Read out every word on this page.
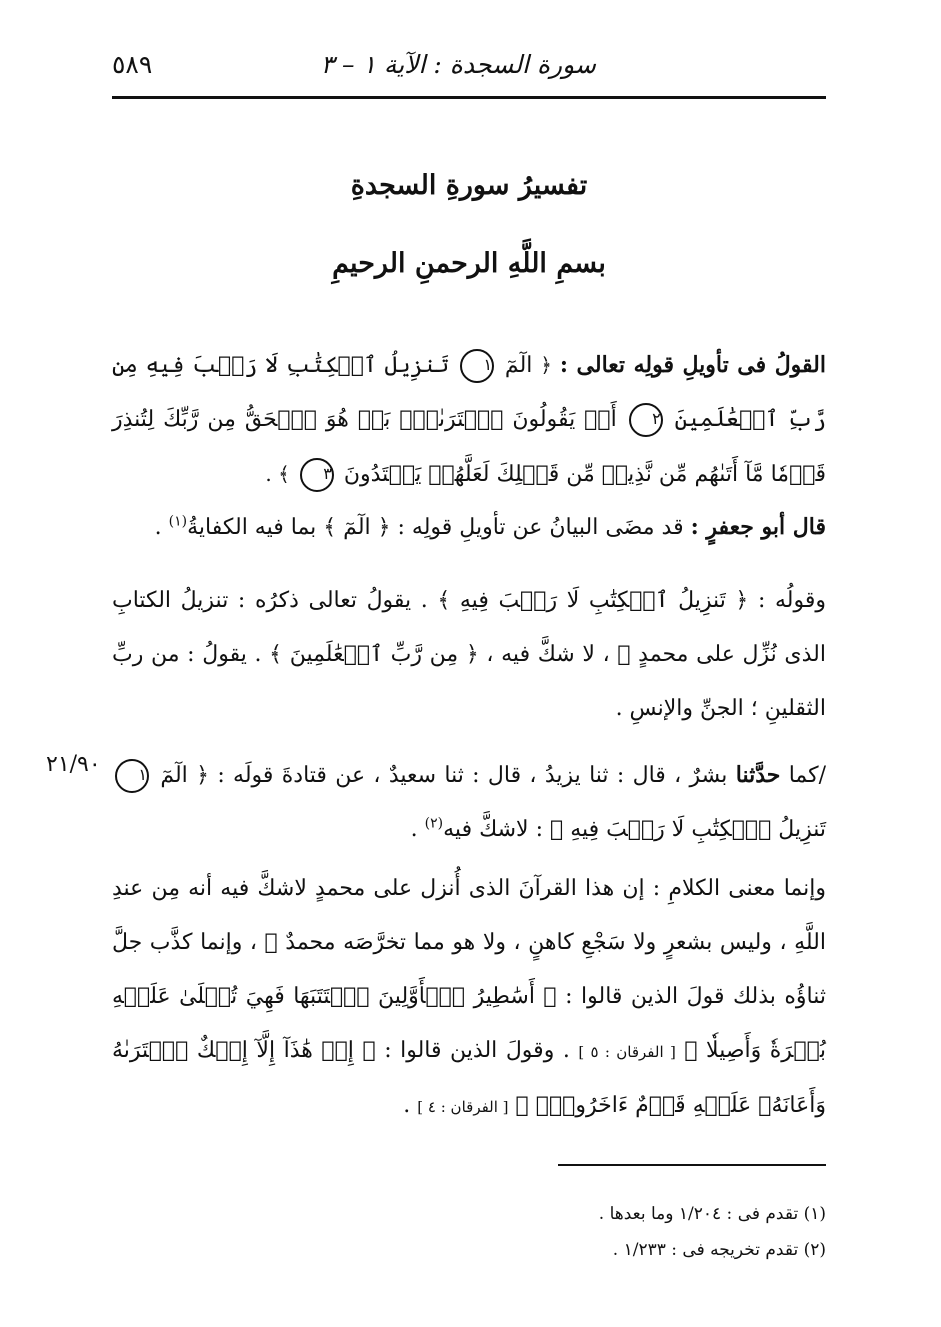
٥٨٩	سورة السجدة : الآية ١ – ٣
تفسيرُ سورةِ السجدةِ
بسمِ اللَّهِ الرحمنِ الرحيمِ
القولُ فى تأويلِ قولِه تعالى : ﴿ الٓمٓ ١ تَنزِيلُ ٱلۡكِتَٰبِ لَا رَيۡبَ فِيهِ مِن رَّبِّ ٱلۡعَٰلَمِينَ ٢ أَمۡ يَقُولُونَ ٱفۡتَرَىٰهُۚ بَلۡ هُوَ ٱلۡحَقُّ مِن رَّبِّكَ لِتُنذِرَ قَوۡمٗا مَّآ أَتَىٰهُم مِّن نَّذِيرٖ مِّن قَبۡلِكَ لَعَلَّهُمۡ يَهۡتَدُونَ ٣ ﴾ .
قال أبو جعفرٍ : قد مضَى البيانُ عن تأويلِ قولِه : ﴿ الٓمٓ ﴾ بما فيه الكفايةُ$^{(١)}$ .
وقولُه : ﴿ تَنزِيلُ ٱلۡكِتَٰبِ لَا رَيۡبَ فِيهِ ﴾ . يقولُ تعالى ذكرُه : تنزيلُ الكتابِ الذى نُزِّل على محمدٍ ﷺ ، لا شكَّ فيه ، ﴿ مِن رَّبِّ ٱلۡعَٰلَمِينَ ﴾ . يقولُ : من ربِّ الثقلينِ ؛ الجنِّ والإنسِ .
/كما حدَّثنا بشرٌ ، قال : ثنا يزيدُ ، قال : ثنا سعيدٌ ، عن قتادةَ قولَه : ﴿ الٓمٓ ١ تَنزِيلُ ٱلۡكِتَٰبِ لَا رَيۡبَ فِيهِ ﴾ : لاشكَّ فيه$^{(٢)}$ .
٢١/٩٠
وإنما معنى الكلامِ : إن هذا القرآنَ الذى أُنزل على محمدٍ لاشكَّ فيه أنه مِن عندِ اللَّهِ ، وليس بشعرٍ ولا سَجْعِ كاهنٍ ، ولا هو مما تخرَّصَه محمدٌ ﷺ ، وإنما كذَّب جلَّ ثناؤُه بذلك قولَ الذين قالوا : ﴿ أَسَٰطِيرُ ٱلۡأَوَّلِينَ ٱكۡتَتَبَهَا فَهِيَ تُمۡلَىٰ عَلَيۡهِ بُكۡرَةٗ وَأَصِيلٗا ﴾ [ الفرقان : ٥ ] . وقولَ الذين قالوا : ﴿ إِنۡ هَٰذَآ إِلَّآ إِفۡكٌ ٱفۡتَرَىٰهُ وَأَعَانَهُۥ عَلَيۡهِ قَوۡمٌ ءَاخَرُونَۖ ﴾ [ الفرقان : ٤ ] .
(١) تقدم فى : ١/٢٠٤ وما بعدها .
(٢) تقدم تخريجه فى : ١/٢٣٣ .
